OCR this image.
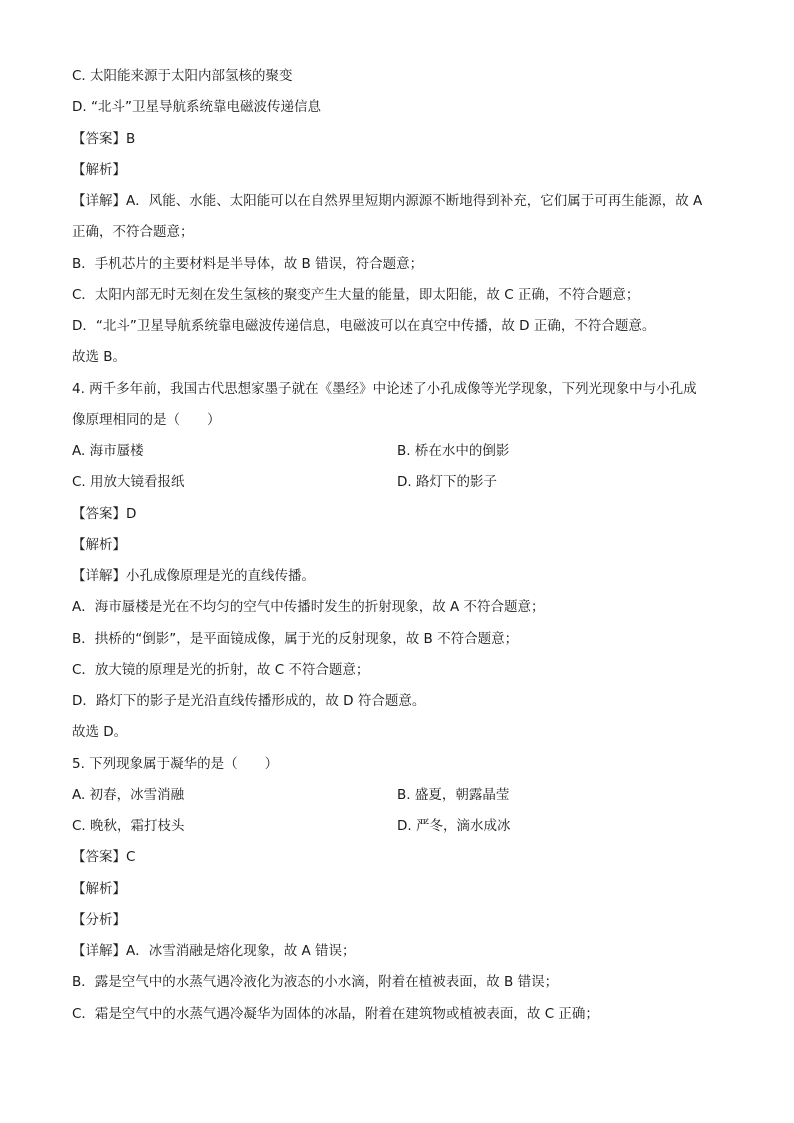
C. 太阳能来源于太阳内部氢核的聚变
D. “北斗”卫星导航系统靠电磁波传递信息
【答案】B
【解析】
【详解】A．风能、水能、太阳能可以在自然界里短期内源源不断地得到补充，它们属于可再生能源，故 A
正确，不符合题意；
B．手机芯片的主要材料是半导体，故 B 错误，符合题意；
C．太阳内部无时无刻在发生氢核的聚变产生大量的能量，即太阳能，故 C 正确，不符合题意；
D．“北斗”卫星导航系统靠电磁波传递信息，电磁波可以在真空中传播，故 D 正确，不符合题意。
故选 B。
4. 两千多年前，我国古代思想家墨子就在《墨经》中论述了小孔成像等光学现象，下列光现象中与小孔成
像原理相同的是（　　）
A. 海市蜃楼	B. 桥在水中的倒影
C. 用放大镜看报纸	D. 路灯下的影子
【答案】D
【解析】
【详解】小孔成像原理是光的直线传播。
A．海市蜃楼是光在不均匀的空气中传播时发生的折射现象，故 A 不符合题意；
B．拱桥的“倒影”，是平面镜成像，属于光的反射现象，故 B 不符合题意；
C．放大镜的原理是光的折射，故 C 不符合题意；
D．路灯下的影子是光沿直线传播形成的，故 D 符合题意。
故选 D。
5. 下列现象属于凝华的是（　　）
A. 初春，冰雪消融	B. 盛夏，朝露晶莹
C. 晚秋，霜打枝头	D. 严冬，滴水成冰
【答案】C
【解析】
【分析】
【详解】A．冰雪消融是熔化现象，故 A 错误；
B．露是空气中的水蒸气遇冷液化为液态的小水滴，附着在植被表面，故 B 错误；
C．霜是空气中的水蒸气遇冷凝华为固体的冰晶，附着在建筑物或植被表面，故 C 正确；
